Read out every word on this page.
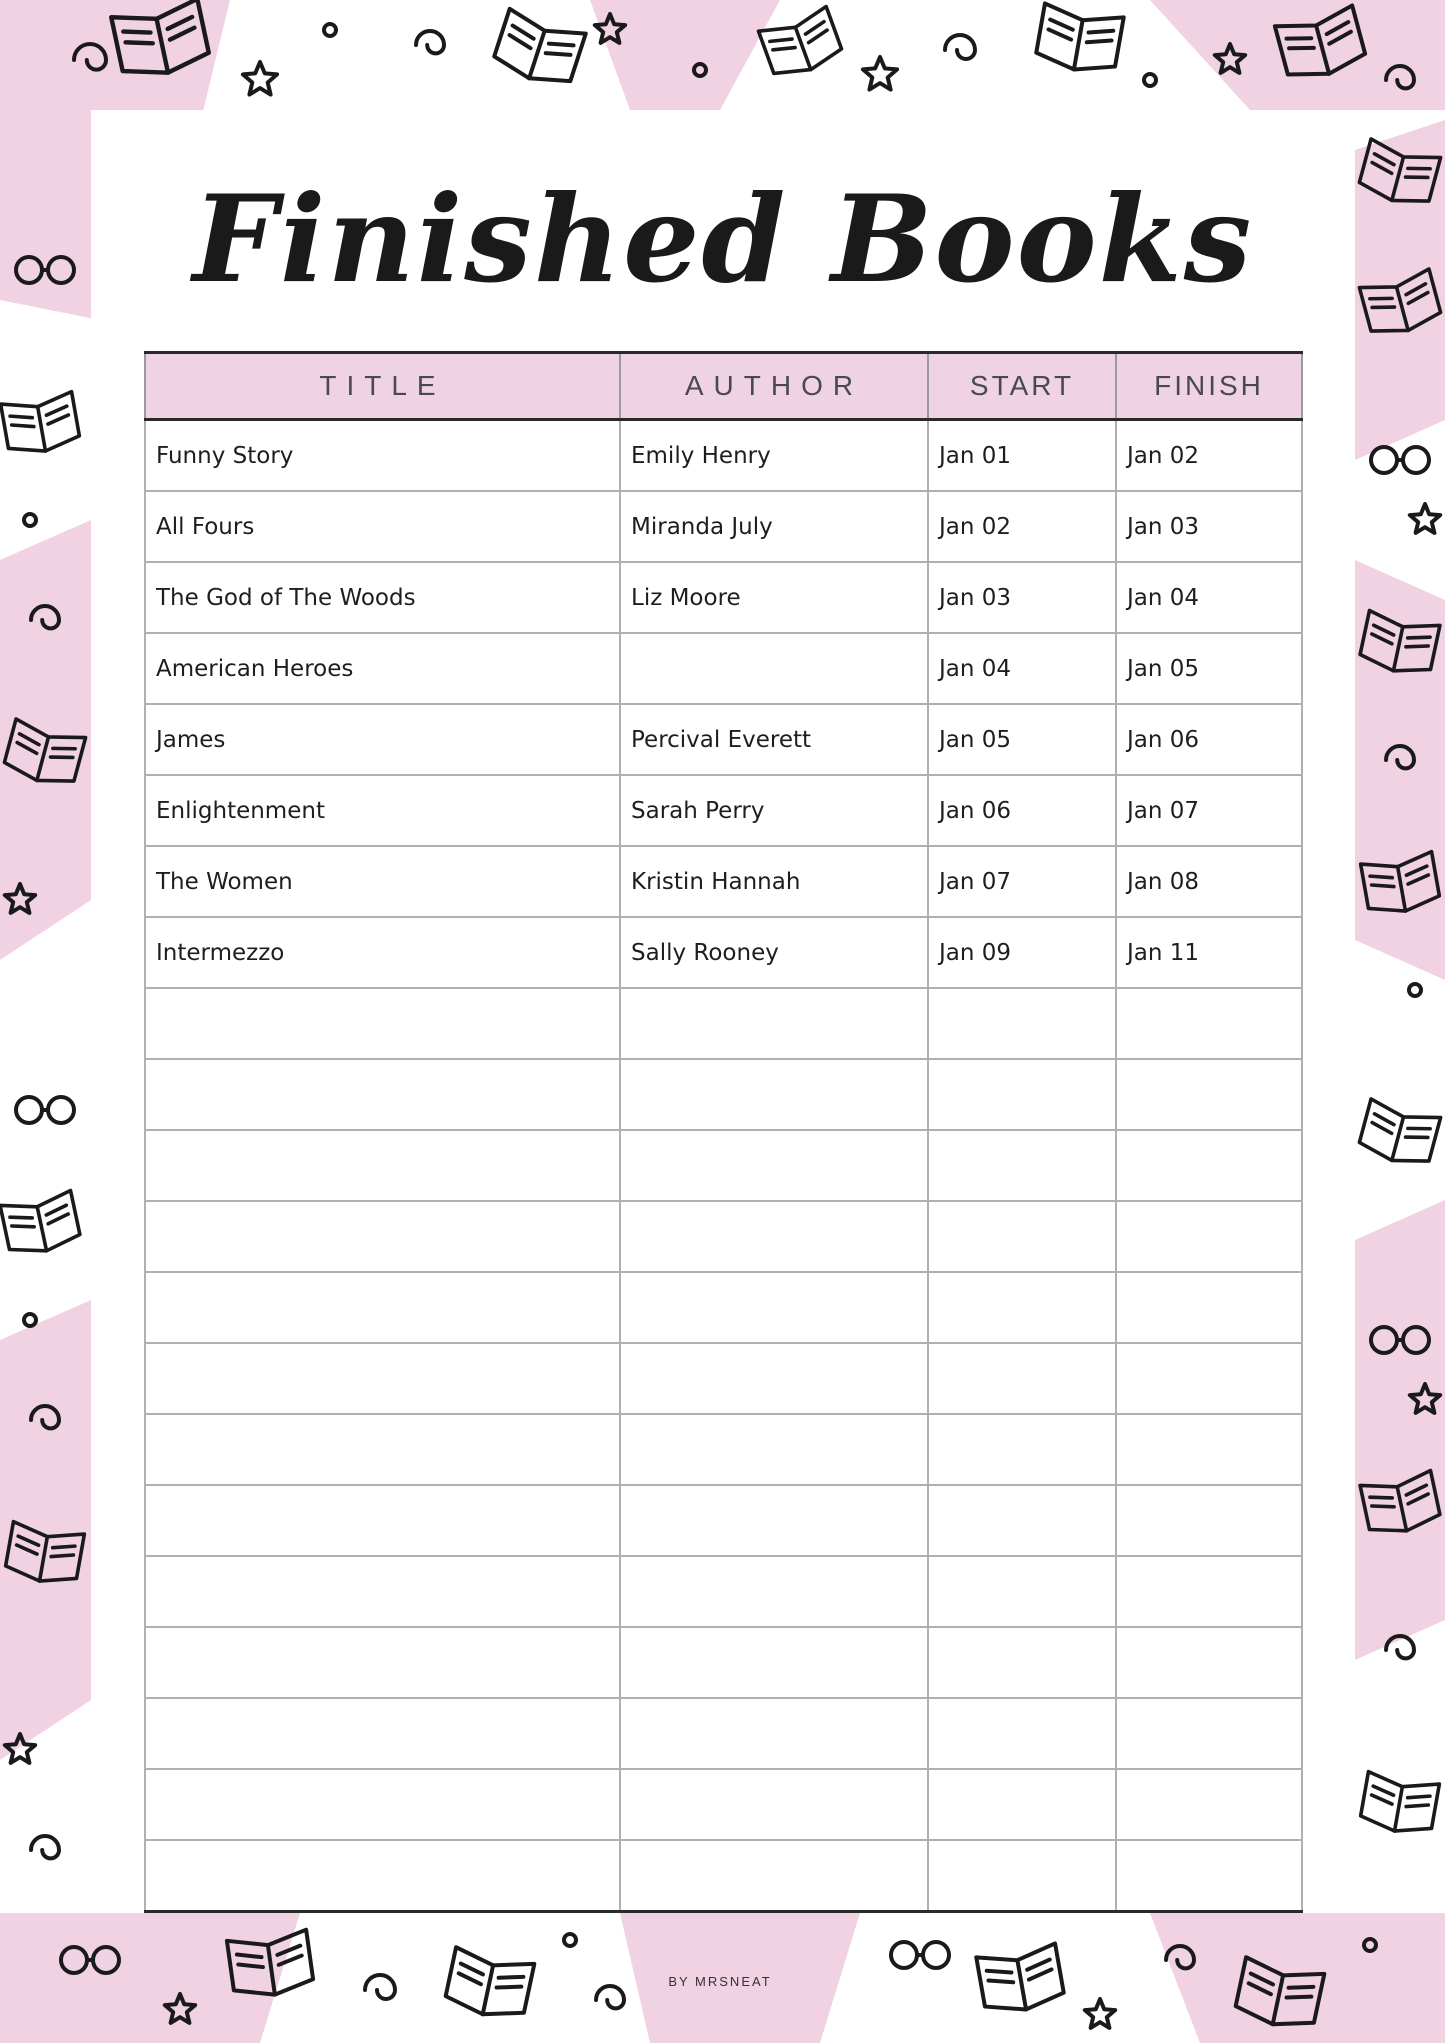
Finished Books
TITLE	AUTHOR	START	FINISH
Funny Story	Emily Henry	Jan 01	Jan 02
All Fours	Miranda July	Jan 02	Jan 03
The God of The Woods	Liz Moore	Jan 03	Jan 04
American Heroes		Jan 04	Jan 05
James	Percival Everett	Jan 05	Jan 06
Enlightenment	Sarah Perry	Jan 06	Jan 07
The Women	Kristin Hannah	Jan 07	Jan 08
Intermezzo	Sally Rooney	Jan 09	Jan 11

BY MRSNEAT
